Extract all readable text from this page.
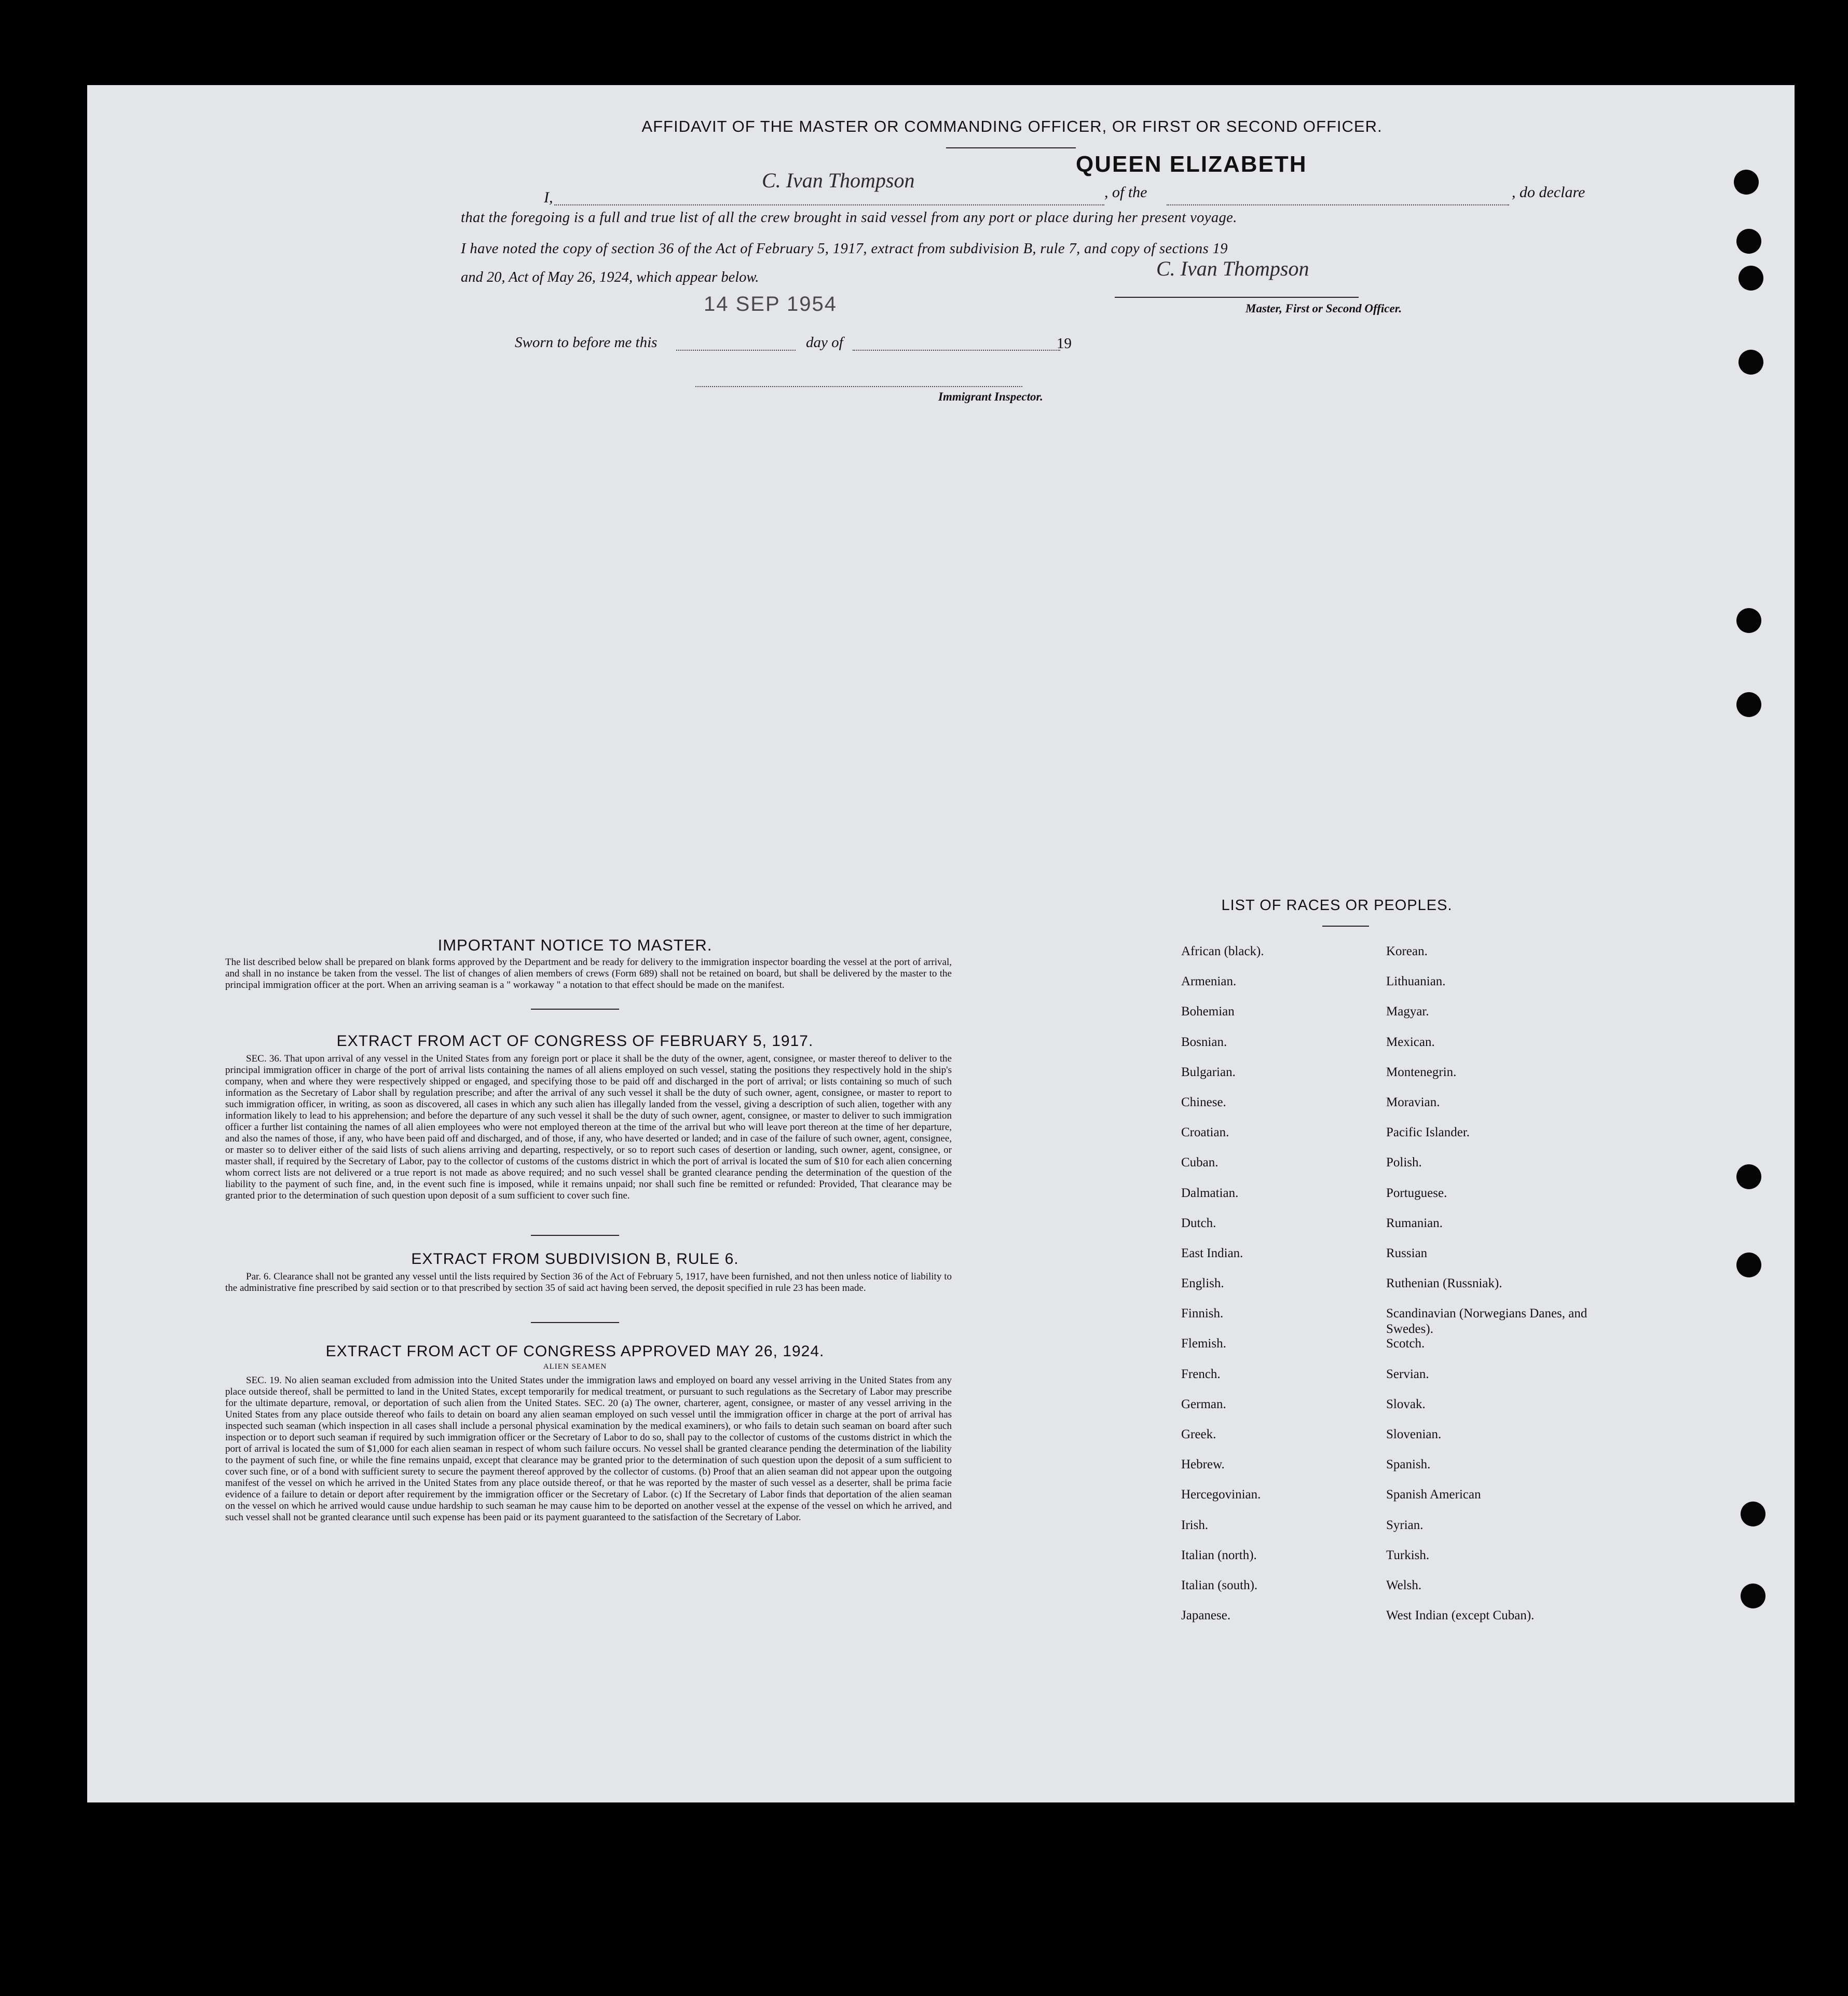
AFFIDAVIT OF THE MASTER OR COMMANDING OFFICER, OR FIRST OR SECOND OFFICER.
I,
C. Ivan Thompson
, of the
QUEEN ELIZABETH
, do declare
that the foregoing is a full and true list of all the crew brought in said vessel from any port or place during her present voyage.
I have noted the copy of section 36 of the Act of February 5, 1917, extract from subdivision B, rule 7, and copy of sections 19
and 20, Act of May 26, 1924, which appear below.
14 SEP 1954
C. Ivan Thompson
Master, First or Second Officer.
Sworn to before me this	day of	19
Immigrant Inspector.
IMPORTANT NOTICE TO MASTER.
The list described below shall be prepared on blank forms approved by the Department and be ready for delivery to the immigration inspector boarding the vessel at the port of arrival, and shall in no instance be taken from the vessel. The list of changes of alien members of crews (Form 689) shall not be retained on board, but shall be delivered by the master to the principal immigration officer at the port. When an arriving seaman is a " workaway " a notation to that effect should be made on the manifest.
EXTRACT FROM ACT OF CONGRESS OF FEBRUARY 5, 1917.
SEC. 36. That upon arrival of any vessel in the United States from any foreign port or place it shall be the duty of the owner, agent, consignee, or master thereof to deliver to the principal immigration officer in charge of the port of arrival lists containing the names of all aliens employed on such vessel, stating the positions they respectively hold in the ship's company, when and where they were respectively shipped or engaged, and specifying those to be paid off and discharged in the port of arrival; or lists containing so much of such information as the Secretary of Labor shall by regulation prescribe; and after the arrival of any such vessel it shall be the duty of such owner, agent, consignee, or master to report to such immigration officer, in writing, as soon as discovered, all cases in which any such alien has illegally landed from the vessel, giving a description of such alien, together with any information likely to lead to his apprehension; and before the departure of any such vessel it shall be the duty of such owner, agent, consignee, or master to deliver to such immigration officer a further list containing the names of all alien employees who were not employed thereon at the time of the arrival but who will leave port thereon at the time of her departure, and also the names of those, if any, who have been paid off and discharged, and of those, if any, who have deserted or landed; and in case of the failure of such owner, agent, consignee, or master so to deliver either of the said lists of such aliens arriving and departing, respectively, or so to report such cases of desertion or landing, such owner, agent, consignee, or master shall, if required by the Secretary of Labor, pay to the collector of customs of the customs district in which the port of arrival is located the sum of $10 for each alien concerning whom correct lists are not delivered or a true report is not made as above required; and no such vessel shall be granted clearance pending the determination of the question of the liability to the payment of such fine, and, in the event such fine is imposed, while it remains unpaid; nor shall such fine be remitted or refunded: Provided, That clearance may be granted prior to the determination of such question upon deposit of a sum sufficient to cover such fine.
EXTRACT FROM SUBDIVISION B, RULE 6.
Par. 6. Clearance shall not be granted any vessel until the lists required by Section 36 of the Act of February 5, 1917, have been furnished, and not then unless notice of liability to the administrative fine prescribed by said section or to that prescribed by section 35 of said act having been served, the deposit specified in rule 23 has been made.
EXTRACT FROM ACT OF CONGRESS APPROVED MAY 26, 1924.
ALIEN SEAMEN
SEC. 19. No alien seaman excluded from admission into the United States under the immigration laws and employed on board any vessel arriving in the United States from any place outside thereof, shall be permitted to land in the United States, except temporarily for medical treatment, or pursuant to such regulations as the Secretary of Labor may prescribe for the ultimate departure, removal, or deportation of such alien from the United States. SEC. 20 (a) The owner, charterer, agent, consignee, or master of any vessel arriving in the United States from any place outside thereof who fails to detain on board any alien seaman employed on such vessel until the immigration officer in charge at the port of arrival has inspected such seaman (which inspection in all cases shall include a personal physical examination by the medical examiners), or who fails to detain such seaman on board after such inspection or to deport such seaman if required by such immigration officer or the Secretary of Labor to do so, shall pay to the collector of customs of the customs district in which the port of arrival is located the sum of $1,000 for each alien seaman in respect of whom such failure occurs. No vessel shall be granted clearance pending the determination of the liability to the payment of such fine, or while the fine remains unpaid, except that clearance may be granted prior to the determination of such question upon the deposit of a sum sufficient to cover such fine, or of a bond with sufficient surety to secure the payment thereof approved by the collector of customs. (b) Proof that an alien seaman did not appear upon the outgoing manifest of the vessel on which he arrived in the United States from any place outside thereof, or that he was reported by the master of such vessel as a deserter, shall be prima facie evidence of a failure to detain or deport after requirement by the immigration officer or the Secretary of Labor. (c) If the Secretary of Labor finds that deportation of the alien seaman on the vessel on which he arrived would cause undue hardship to such seaman he may cause him to be deported on another vessel at the expense of the vessel on which he arrived, and such vessel shall not be granted clearance until such expense has been paid or its payment guaranteed to the satisfaction of the Secretary of Labor.
LIST OF RACES OR PEOPLES.
African (black).
Armenian.
Bohemian
Bosnian.
Bulgarian.
Chinese.
Croatian.
Cuban.
Dalmatian.
Dutch.
East Indian.
English.
Finnish.
Flemish.
French.
German.
Greek.
Hebrew.
Hercegovinian.
Irish.
Italian (north).
Italian (south).
Japanese.
Korean.
Lithuanian.
Magyar.
Mexican.
Montenegrin.
Moravian.
Pacific Islander.
Polish.
Portuguese.
Rumanian.
Russian
Ruthenian (Russniak).
Scandinavian (Norwegians Danes, and Swedes).
Scotch.
Servian.
Slovak.
Slovenian.
Spanish.
Spanish American
Syrian.
Turkish.
Welsh.
West Indian (except Cuban).
